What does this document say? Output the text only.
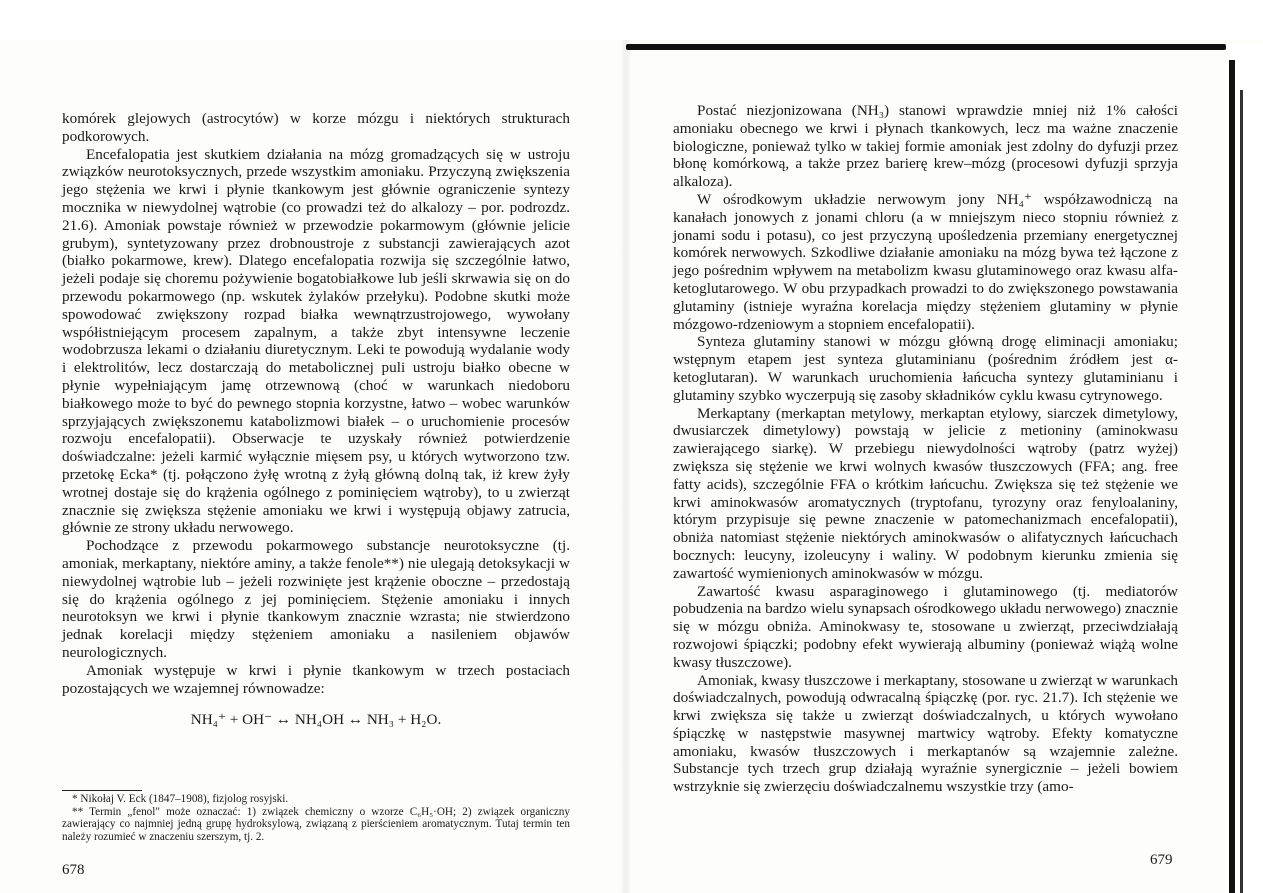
komórek glejowych (astrocytów) w korze mózgu i niektórych strukturach podkorowych.

Encefalopatia jest skutkiem działania na mózg gromadzących się w ustroju związków neurotoksycznych, przede wszystkim amoniaku. Przyczyną zwiększenia jego stężenia we krwi i płynie tkankowym jest głównie ograniczenie syntezy mocznika w niewydolnej wątrobie (co prowadzi też do alkalozy – por. podrozdz. 21.6). Amoniak powstaje również w przewodzie pokarmowym (głównie jelicie grubym), syntetyzowany przez drobnoustroje z substancji zawierających azot (białko pokarmowe, krew). Dlatego encefalopatia rozwija się szczególnie łatwo, jeżeli podaje się choremu pożywienie bogatobiałkowe lub jeśli skrwawia się on do przewodu pokarmowego (np. wskutek żylaków przełyku). Podobne skutki może spowodować zwiększony rozpad białka wewnątrzustrojowego, wywołany współistniejącym procesem zapalnym, a także zbyt intensywne leczenie wodobrzusza lekami o działaniu diuretycznym. Leki te powodują wydalanie wody i elektrolitów, lecz dostarczają do metabolicznej puli ustroju białko obecne w płynie wypełniającym jamę otrzewnową (choć w warunkach niedoboru białkowego może to być do pewnego stopnia korzystne, łatwo – wobec warunków sprzyjających zwiększonemu katabolizmowi białek – o uruchomienie procesów rozwoju encefalopatii). Obserwacje te uzyskały również potwierdzenie doświadczalne: jeżeli karmić wyłącznie mięsem psy, u których wytworzono tzw. przetokę Ecka* (tj. połączono żyłę wrotną z żyłą główną dolną tak, iż krew żyły wrotnej dostaje się do krążenia ogólnego z pominięciem wątroby), to u zwierząt znacznie się zwiększa stężenie amoniaku we krwi i występują objawy zatrucia, głównie ze strony układu nerwowego.

Pochodzące z przewodu pokarmowego substancje neurotoksyczne (tj. amoniak, merkaptany, niektóre aminy, a także fenole**) nie ulegają detoksykacji w niewydolnej wątrobie lub – jeżeli rozwinięte jest krążenie oboczne – przedostają się do krążenia ogólnego z jej pominięciem. Stężenie amoniaku i innych neurotoksyn we krwi i płynie tkankowym znacznie wzrasta; nie stwierdzono jednak korelacji między stężeniem amoniaku a nasileniem objawów neurologicznych.

Amoniak występuje w krwi i płynie tkankowym w trzech postaciach pozostających we wzajemnej równowadze:

NH₄⁺ + OH⁻ ↔ NH₄OH ↔ NH₃ + H₂O.

* Nikołaj V. Eck (1847–1908), fizjolog rosyjski.

** Termin „fenol" może oznaczać: 1) związek chemiczny o wzorze C₆H₅·OH; 2) związek organiczny zawierający co najmniej jedną grupę hydroksylową, związaną z pierścieniem aromatycznym. Tutaj termin ten należy rozumieć w znaczeniu szerszym, tj. 2.

678

Postać niezjonizowana (NH₃) stanowi wprawdzie mniej niż 1% całości amoniaku obecnego we krwi i płynach tkankowych, lecz ma ważne znaczenie biologiczne, ponieważ tylko w takiej formie amoniak jest zdolny do dyfuzji przez błonę komórkową, a także przez barierę krew–mózg (procesowi dyfuzji sprzyja alkaloza).

W ośrodkowym układzie nerwowym jony NH₄⁺ współzawodniczą na kanałach jonowych z jonami chloru (a w mniejszym nieco stopniu również z jonami sodu i potasu), co jest przyczyną upośledzenia przemiany energetycznej komórek nerwowych. Szkodliwe działanie amoniaku na mózg bywa też łączone z jego pośrednim wpływem na metabolizm kwasu glutaminowego oraz kwasu alfa-ketoglutarowego. W obu przypadkach prowadzi to do zwiększonego powstawania glutaminy (istnieje wyraźna korelacja między stężeniem glutaminy w płynie mózgowo-rdzeniowym a stopniem encefalopatii).

Synteza glutaminy stanowi w mózgu główną drogę eliminacji amoniaku; wstępnym etapem jest synteza glutaminianu (pośrednim źródłem jest α-ketoglutaran). W warunkach uruchomienia łańcucha syntezy glutaminianu i glutaminy szybko wyczerpują się zasoby składników cyklu kwasu cytrynowego.

Merkaptany (merkaptan metylowy, merkaptan etylowy, siarczek dimetylowy, dwusiarczek dimetylowy) powstają w jelicie z metioniny (aminokwasu zawierającego siarkę). W przebiegu niewydolności wątroby (patrz wyżej) zwiększa się stężenie we krwi wolnych kwasów tłuszczowych (FFA; ang. free fatty acids), szczególnie FFA o krótkim łańcuchu. Zwiększa się też stężenie we krwi aminokwasów aromatycznych (tryptofanu, tyrozyny oraz fenyloalaniny, którym przypisuje się pewne znaczenie w patomechanizmach encefalopatii), obniża natomiast stężenie niektórych aminokwasów o alifatycznych łańcuchach bocznych: leucyny, izoleucyny i waliny. W podobnym kierunku zmienia się zawartość wymienionych aminokwasów w mózgu.

Zawartość kwasu asparaginowego i glutaminowego (tj. mediatorów pobudzenia na bardzo wielu synapsach ośrodkowego układu nerwowego) znacznie się w mózgu obniża. Aminokwasy te, stosowane u zwierząt, przeciwdziałają rozwojowi śpiączki; podobny efekt wywierają albuminy (ponieważ wiążą wolne kwasy tłuszczowe).

Amoniak, kwasy tłuszczowe i merkaptany, stosowane u zwierząt w warunkach doświadczalnych, powodują odwracalną śpiączkę (por. ryc. 21.7). Ich stężenie we krwi zwiększa się także u zwierząt doświadczalnych, u których wywołano śpiączkę w następstwie masywnej martwicy wątroby. Efekty komatyczne amoniaku, kwasów tłuszczowych i merkaptanów są wzajemnie zależne. Substancje tych trzech grup działają wyraźnie synergicznie – jeżeli bowiem wstrzyknie się zwierzęciu doświadczalnemu wszystkie trzy (amo-

679
